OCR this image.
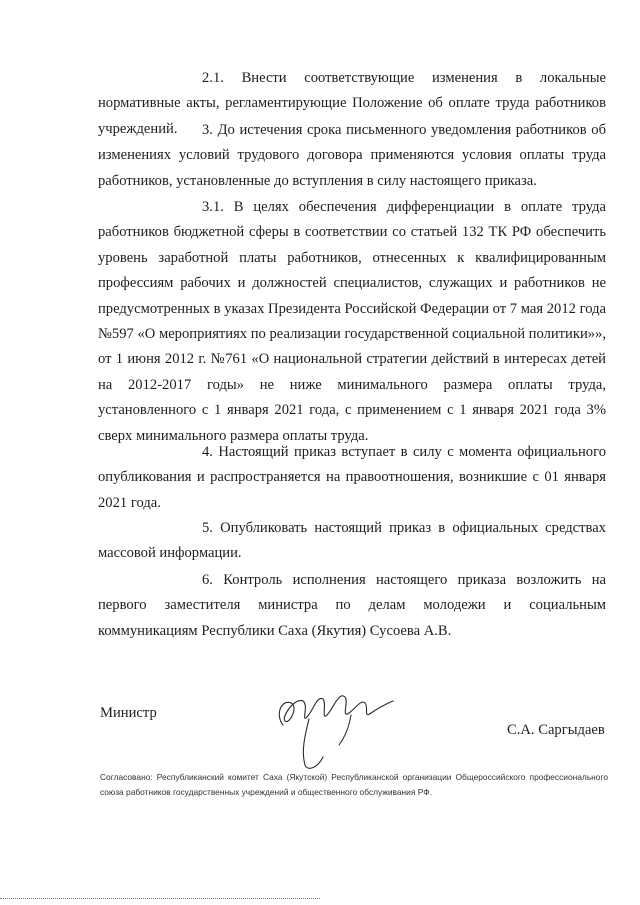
2.1. Внести соответствующие изменения в локальные нормативные акты, регламентирующие Положение об оплате труда работников учреждений.	3. До истечения срока письменного уведомления работников об изменениях условий трудового договора применяются условия оплаты труда работников, установленные до вступления в силу настоящего приказа.

3.1. В целях обеспечения дифференциации в оплате труда работников бюджетной сферы в соответствии со статьей 132 ТК РФ обеспечить уровень заработной платы работников, отнесенных к квалифицированным профессиям рабочих и должностей специалистов, служащих и работников не предусмотренных в указах Президента Российской Федерации от 7 мая 2012 года №597 «О мероприятиях по реализации государственной социальной политики»», от 1 июня 2012 г. №761 «О национальной стратегии действий в интересах детей на 2012-2017 годы» не ниже минимального размера оплаты труда, установленного с 1 января 2021 года, с применением с 1 января 2021 года 3% сверх минимального размера оплаты труда.

4. Настоящий приказ вступает в силу с момента официального опубликования и распространяется на правоотношения, возникшие с 01 января 2021 года.

5. Опубликовать настоящий приказ в официальных средствах массовой информации.

6. Контроль исполнения настоящего приказа возложить на первого заместителя министра по делам молодежи и социальным коммуникациям Республики Саха (Якутия) Сусоева А.В.

Министр
С.А. Саргыдаев
Согласовано: Республиканский комитет Саха (Якутской) Республиканской организации Общероссийского профессионального союза работников государственных учреждений и общественного обслуживания РФ.
